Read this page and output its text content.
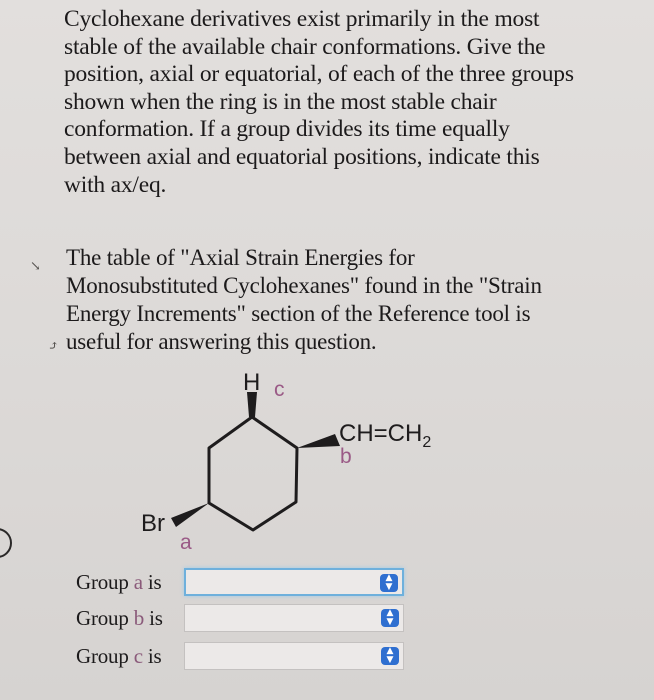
Cyclohexane derivatives exist primarily in the most
stable of the available chair conformations. Give the
position, axial or equatorial, of each of the three groups
shown when the ring is in the most stable chair
conformation. If a group divides its time equally
between axial and equatorial positions, indicate this
with ax/eq.

↘
⤴

The table of "Axial Strain Energies for
Monosubstituted Cyclohexanes" found in the "Strain
Energy Increments" section of the Reference tool is
useful for answering this question.

H c
$CH=CH_2$
b
Br
a
Group a is	▲
▼
Group b is	▲
▼
Group c is	▲
▼
